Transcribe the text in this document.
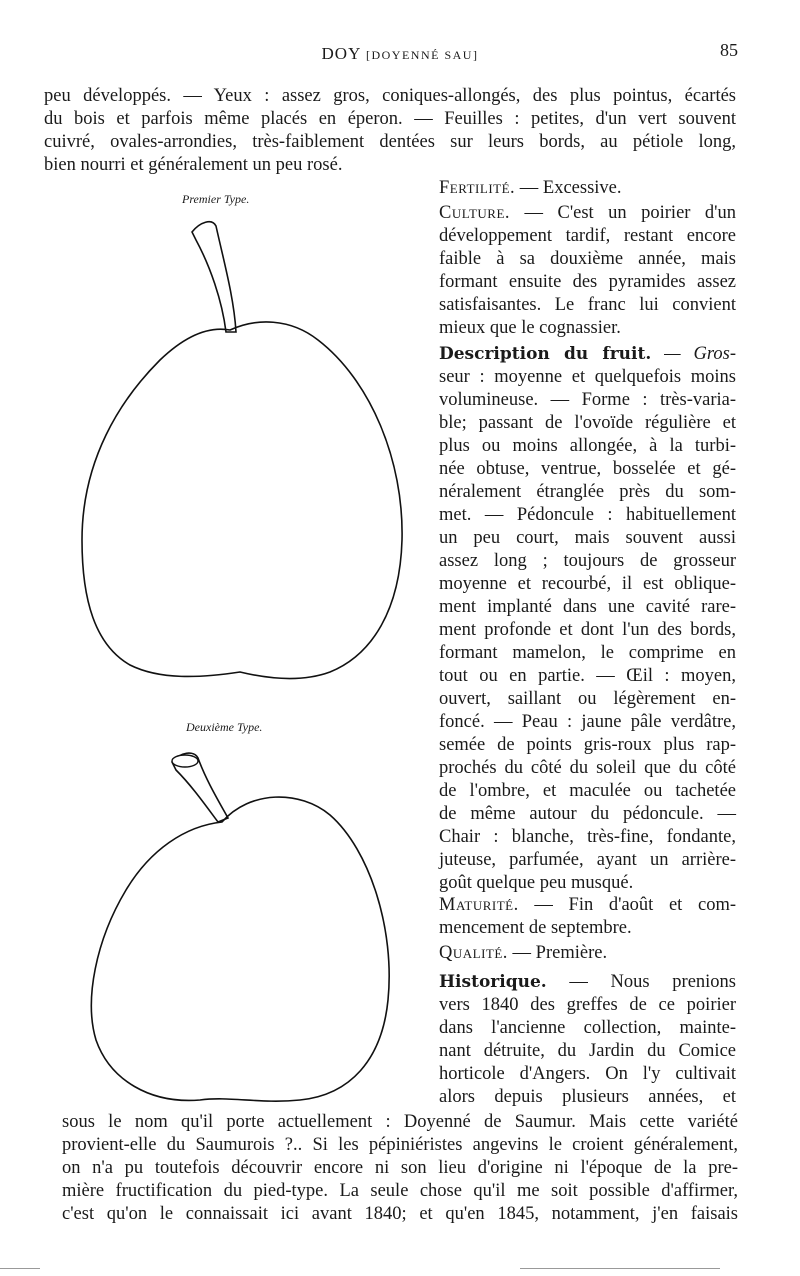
DOY [DOYENNÉ SAU]	85
peu développés. — Yeux : assez gros, coniques-allongés, des plus pointus, écartés
du bois et parfois même placés en éperon. — Feuilles : petites, d'un vert souvent
cuivré, ovales-arrondies, très-faiblement dentées sur leurs bords, au pétiole long,
bien nourri et généralement un peu rosé.
Premier Type.
Deuxième Type.
Fertilité. — Excessive.
Culture. — C'est un poirier d'un
développement tardif, restant encore
faible à sa douxième année, mais
formant ensuite des pyramides assez
satisfaisantes. Le franc lui convient
mieux que le cognassier.
Description du fruit. — Gros-
seur : moyenne et quelquefois moins
volumineuse. — Forme : très-varia-
ble; passant de l'ovoïde régulière et
plus ou moins allongée, à la turbi-
née obtuse, ventrue, bosselée et gé-
néralement étranglée près du som-
met. — Pédoncule : habituellement
un peu court, mais souvent aussi
assez long ; toujours de grosseur
moyenne et recourbé, il est oblique-
ment implanté dans une cavité rare-
ment profonde et dont l'un des bords,
formant mamelon, le comprime en
tout ou en partie. — Œil : moyen,
ouvert, saillant ou légèrement en-
foncé. — Peau : jaune pâle verdâtre,
semée de points gris-roux plus rap-
prochés du côté du soleil que du côté
de l'ombre, et maculée ou tachetée
de même autour du pédoncule. —
Chair : blanche, très-fine, fondante,
juteuse, parfumée, ayant un arrière-
goût quelque peu musqué.
Maturité. — Fin d'août et com-
mencement de septembre.
Qualité. — Première.
Historique. — Nous prenions
vers 1840 des greffes de ce poirier
dans l'ancienne collection, mainte-
nant détruite, du Jardin du Comice
horticole d'Angers. On l'y cultivait
alors depuis plusieurs années, et
sous le nom qu'il porte actuellement : Doyenné de Saumur. Mais cette variété
provient-elle du Saumurois ?.. Si les pépiniéristes angevins le croient généralement,
on n'a pu toutefois découvrir encore ni son lieu d'origine ni l'époque de la pre-
mière fructification du pied-type. La seule chose qu'il me soit possible d'affirmer,
c'est qu'on le connaissait ici avant 1840; et qu'en 1845, notamment, j'en faisais
